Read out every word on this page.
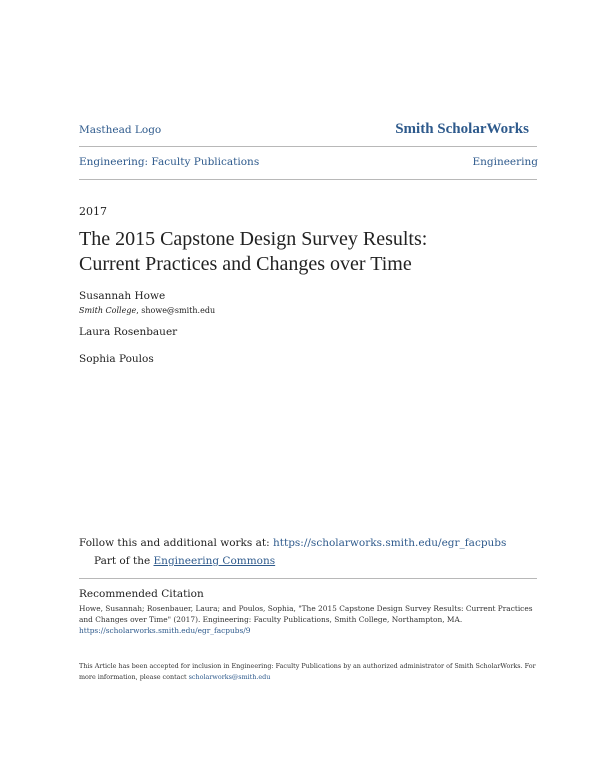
Masthead Logo	Smith ScholarWorks
Engineering: Faculty Publications	Engineering
2017
The 2015 Capstone Design Survey Results:
Current Practices and Changes over Time
Susannah Howe
Smith College, showe@smith.edu
Laura Rosenbauer
Sophia Poulos
Follow this and additional works at: https://scholarworks.smith.edu/egr_facpubs
Part of the Engineering Commons
Recommended Citation
Howe, Susannah; Rosenbauer, Laura; and Poulos, Sophia, "The 2015 Capstone Design Survey Results: Current Practices and Changes over Time" (2017). Engineering: Faculty Publications, Smith College, Northampton, MA.
https://scholarworks.smith.edu/egr_facpubs/9
This Article has been accepted for inclusion in Engineering: Faculty Publications by an authorized administrator of Smith ScholarWorks. For more information, please contact scholarworks@smith.edu
